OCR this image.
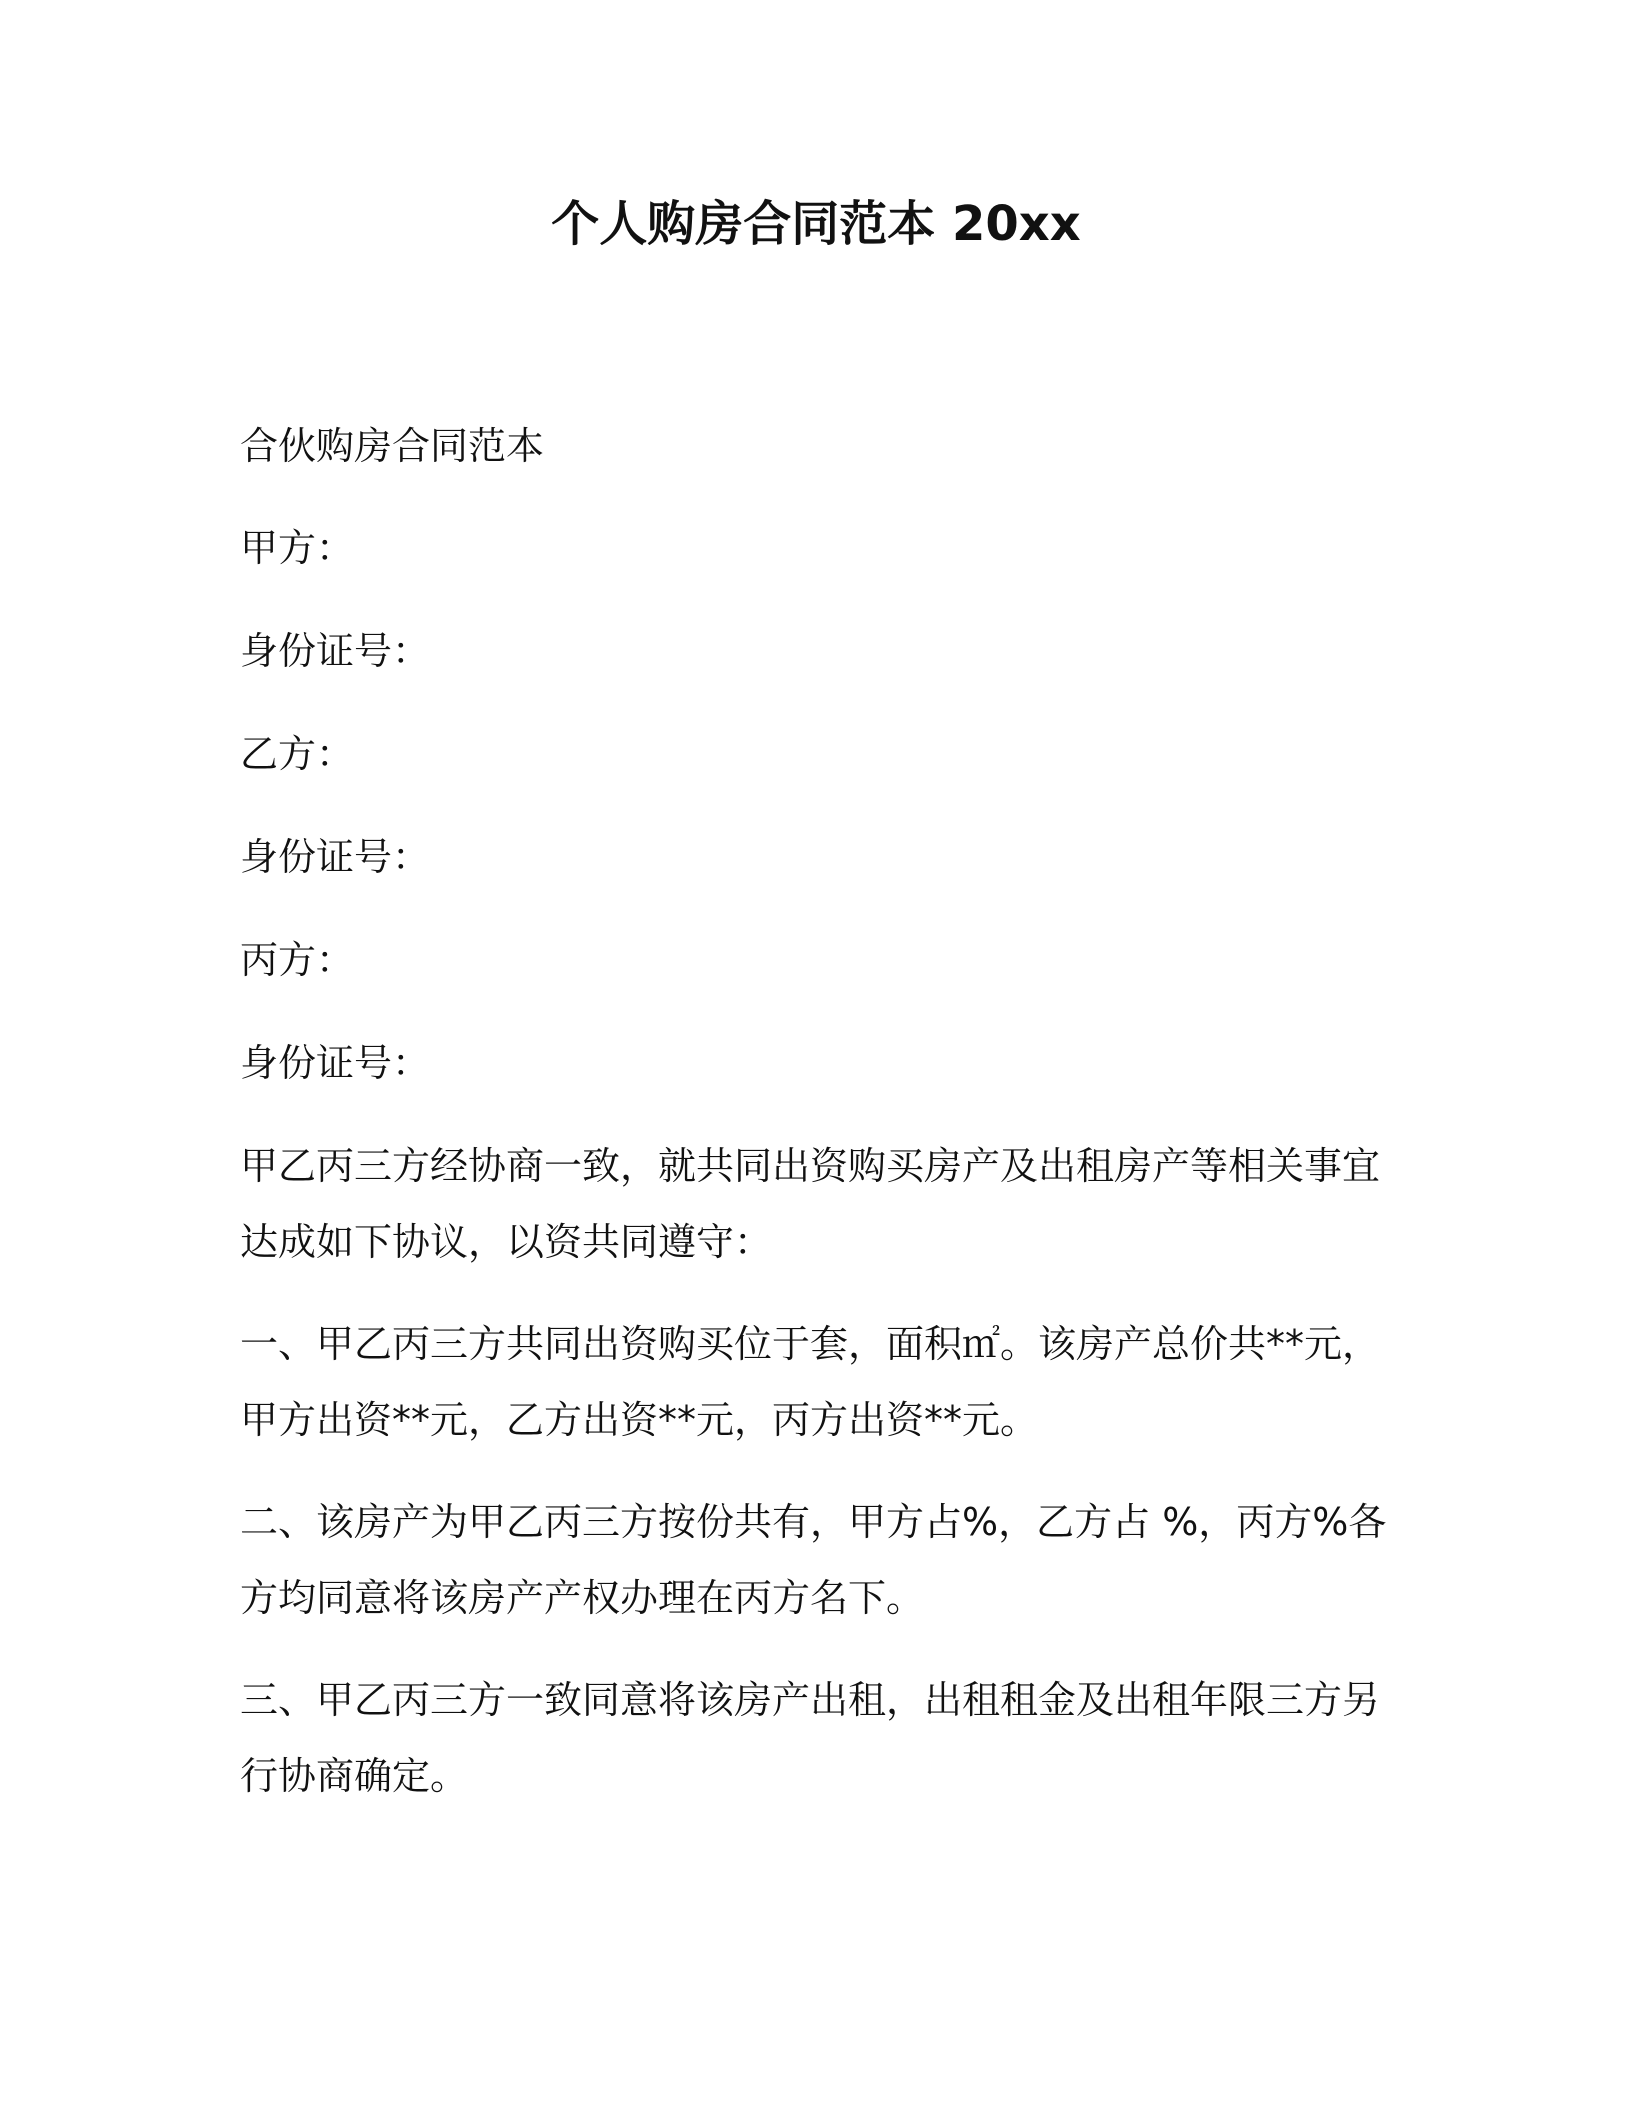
个人购房合同范本 20xx

合伙购房合同范本

甲方：

身份证号：

乙方：

身份证号：

丙方：

身份证号：

甲乙丙三方经协商一致，就共同出资购买房产及出租房产等相关事宜
达成如下协议，以资共同遵守：
一、甲乙丙三方共同出资购买位于套，面积㎡。该房产总价共**元，
甲方出资**元，乙方出资**元，丙方出资**元。
二、该房产为甲乙丙三方按份共有，甲方占%，乙方占 %，丙方%各
方均同意将该房产产权办理在丙方名下。
三、甲乙丙三方一致同意将该房产出租，出租租金及出租年限三方另
行协商确定。
